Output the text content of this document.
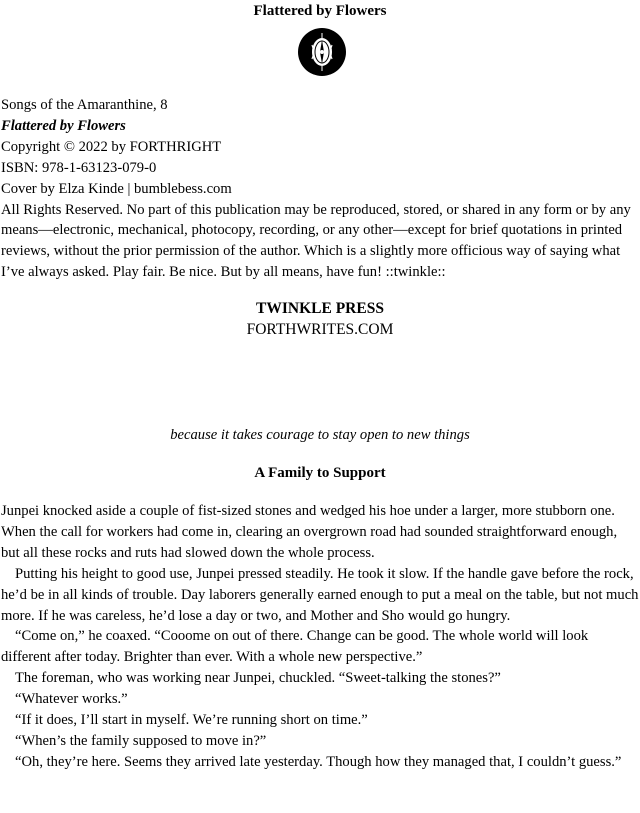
Flattered by Flowers

Songs of the Amaranthine, 8

Flattered by Flowers

Copyright © 2022 by FORTHRIGHT

ISBN: 978-1-63123-079-0

Cover by Elza Kinde | bumblebess.com

All Rights Reserved. No part of this publication may be reproduced, stored, or shared in any form or by any means—electronic, mechanical, photocopy, recording, or any other—except for brief quotations in printed reviews, without the prior permission of the author. Which is a slightly more officious way of saying what I’ve always asked. Play fair. Be nice. But by all means, have fun! ::twinkle::

TWINKLE PRESS
FORTHWRITES.COM
because it takes courage to stay open to new things
A Family to Support

Junpei knocked aside a couple of fist-sized stones and wedged his hoe under a larger, more stubborn one. When the call for workers had come in, clearing an overgrown road had sounded straightforward enough, but all these rocks and ruts had slowed down the whole process.

Putting his height to good use, Junpei pressed steadily. He took it slow. If the handle gave before the rock, he’d be in all kinds of trouble. Day laborers generally earned enough to put a meal on the table, but not much more. If he was careless, he’d lose a day or two, and Mother and Sho would go hungry.

“Come on,” he coaxed. “Cooome on out of there. Change can be good. The whole world will look different after today. Brighter than ever. With a whole new perspective.”

The foreman, who was working near Junpei, chuckled. “Sweet-talking the stones?”

“Whatever works.”

“If it does, I’ll start in myself. We’re running short on time.”

“When’s the family supposed to move in?”

“Oh, they’re here. Seems they arrived late yesterday. Though how they managed that, I couldn’t guess.”
